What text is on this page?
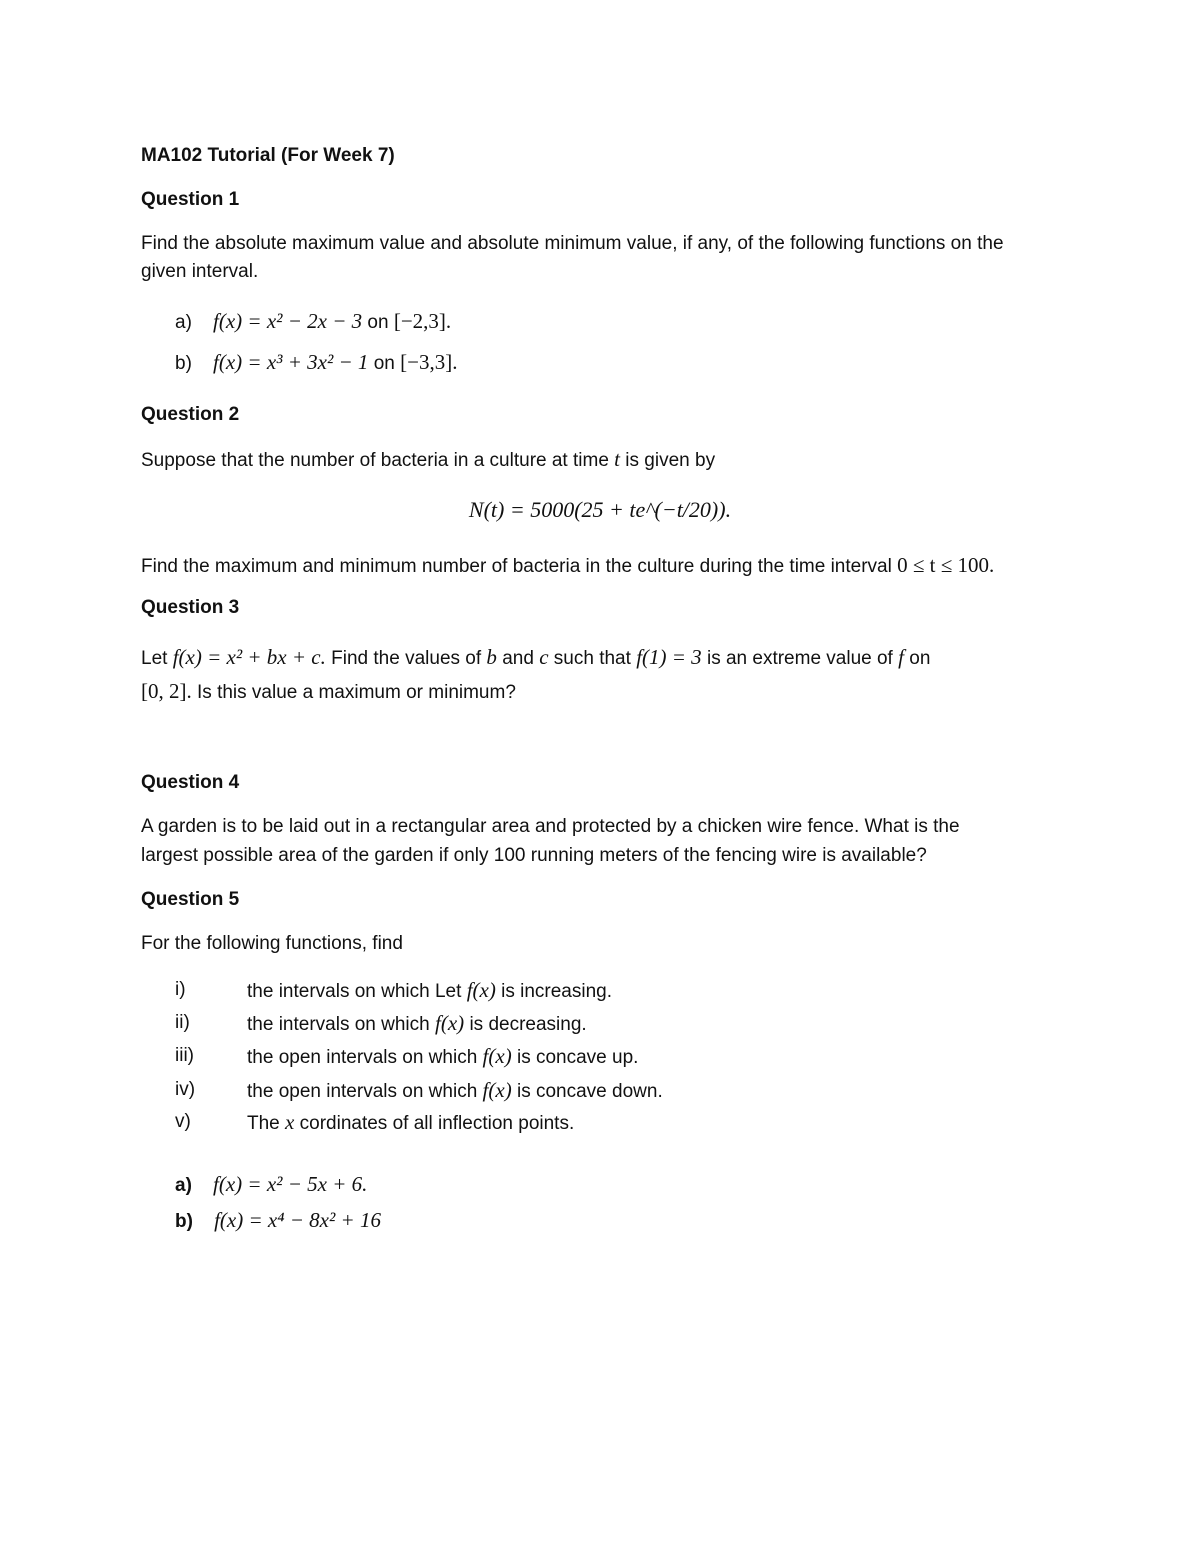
MA102 Tutorial (For Week 7)
Question 1
Find the absolute maximum value and absolute minimum value, if any, of the following functions on the
given interval.
a) f(x) = x² − 2x − 3 on [−2,3].
b) f(x) = x³ + 3x² − 1 on [−3,3].
Question 2
Suppose that the number of bacteria in a culture at time t is given by
N(t) = 5000(25 + te^(−t/20)).
Find the maximum and minimum number of bacteria in the culture during the time interval 0 ≤ t ≤ 100.
Question 3
Let f(x) = x² + bx + c. Find the values of b and c such that f(1) = 3 is an extreme value of f on
[0, 2]. Is this value a maximum or minimum?
Question 4
A garden is to be laid out in a rectangular area and protected by a chicken wire fence. What is the
largest possible area of the garden if only 100 running meters of the fencing wire is available?
Question 5
For the following functions, find
i)	the intervals on which Let f(x) is increasing.
ii)	the intervals on which f(x) is decreasing.
iii)	the open intervals on which f(x) is concave up.
iv)	the open intervals on which f(x) is concave down.
v)	The x cordinates of all inflection points.
a) f(x) = x² − 5x + 6.
b) f(x) = x⁴ − 8x² + 16
